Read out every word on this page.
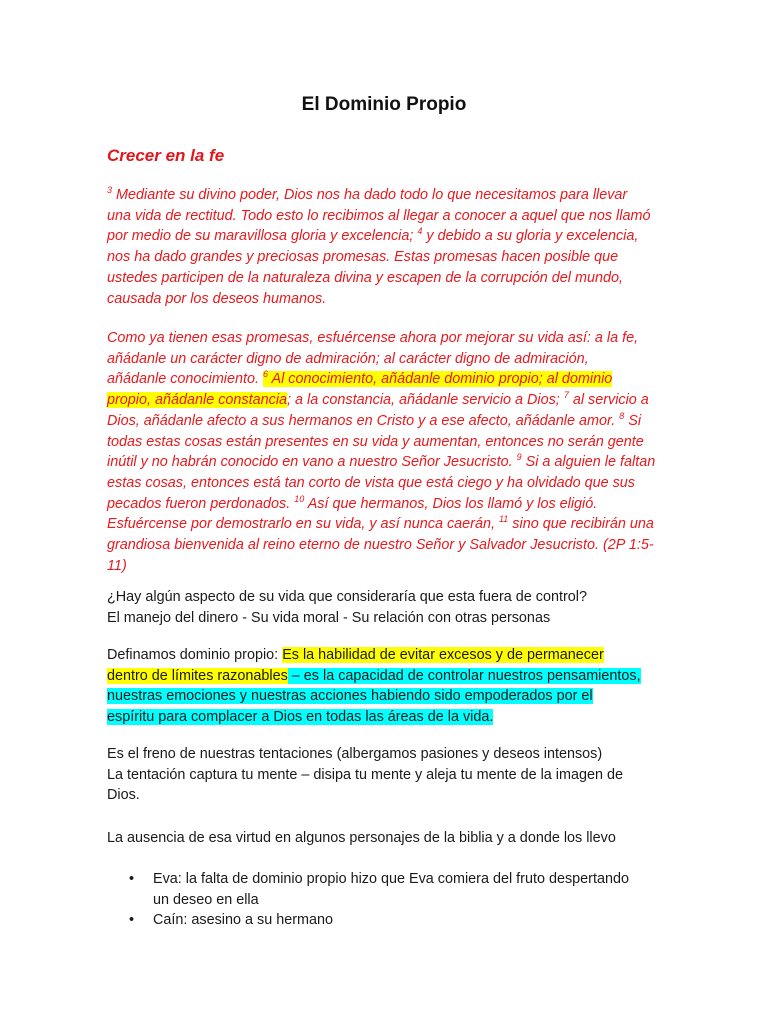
El Dominio Propio
Crecer en la fe
$^3$ Mediante su divino poder, Dios nos ha dado todo lo que necesitamos para llevar
una vida de rectitud. Todo esto lo recibimos al llegar a conocer a aquel que nos llamó
por medio de su maravillosa gloria y excelencia; $^4$ y debido a su gloria y excelencia,
nos ha dado grandes y preciosas promesas. Estas promesas hacen posible que
ustedes participen de la naturaleza divina y escapen de la corrupción del mundo,
causada por los deseos humanos.
Como ya tienen esas promesas, esfuércense ahora por mejorar su vida así: a la fe,
añádanle un carácter digno de admiración; al carácter digno de admiración,
añádanle conocimiento. $^6$ Al conocimiento, añádanle dominio propio; al dominio
propio, añádanle constancia; a la constancia, añádanle servicio a Dios; $^7$ al servicio a
Dios, añádanle afecto a sus hermanos en Cristo y a ese afecto, añádanle amor. $^8$ Si
todas estas cosas están presentes en su vida y aumentan, entonces no serán gente
inútil y no habrán conocido en vano a nuestro Señor Jesucristo. $^9$ Si a alguien le faltan
estas cosas, entonces está tan corto de vista que está ciego y ha olvidado que sus
pecados fueron perdonados. $^{10}$ Así que hermanos, Dios los llamó y los eligió.
Esfuércense por demostrarlo en su vida, y así nunca caerán, $^{11}$ sino que recibirán una
grandiosa bienvenida al reino eterno de nuestro Señor y Salvador Jesucristo. (2P 1:5-
11)
¿Hay algún aspecto de su vida que consideraría que esta fuera de control?
El manejo del dinero - Su vida moral - Su relación con otras personas
Definamos dominio propio: Es la habilidad de evitar excesos y de permanecer
dentro de límites razonables – es la capacidad de controlar nuestros pensamientos,
nuestras emociones y nuestras acciones habiendo sido empoderados por el
espíritu para complacer a Dios en todas las áreas de la vida.
Es el freno de nuestras tentaciones (albergamos pasiones y deseos intensos)
La tentación captura tu mente – disipa tu mente y aleja tu mente de la imagen de
Dios.
La ausencia de esa virtud en algunos personajes de la biblia y a donde los llevo
• Eva: la falta de dominio propio hizo que Eva comiera del fruto despertando
un deseo en ella
• Caín: asesino a su hermano
